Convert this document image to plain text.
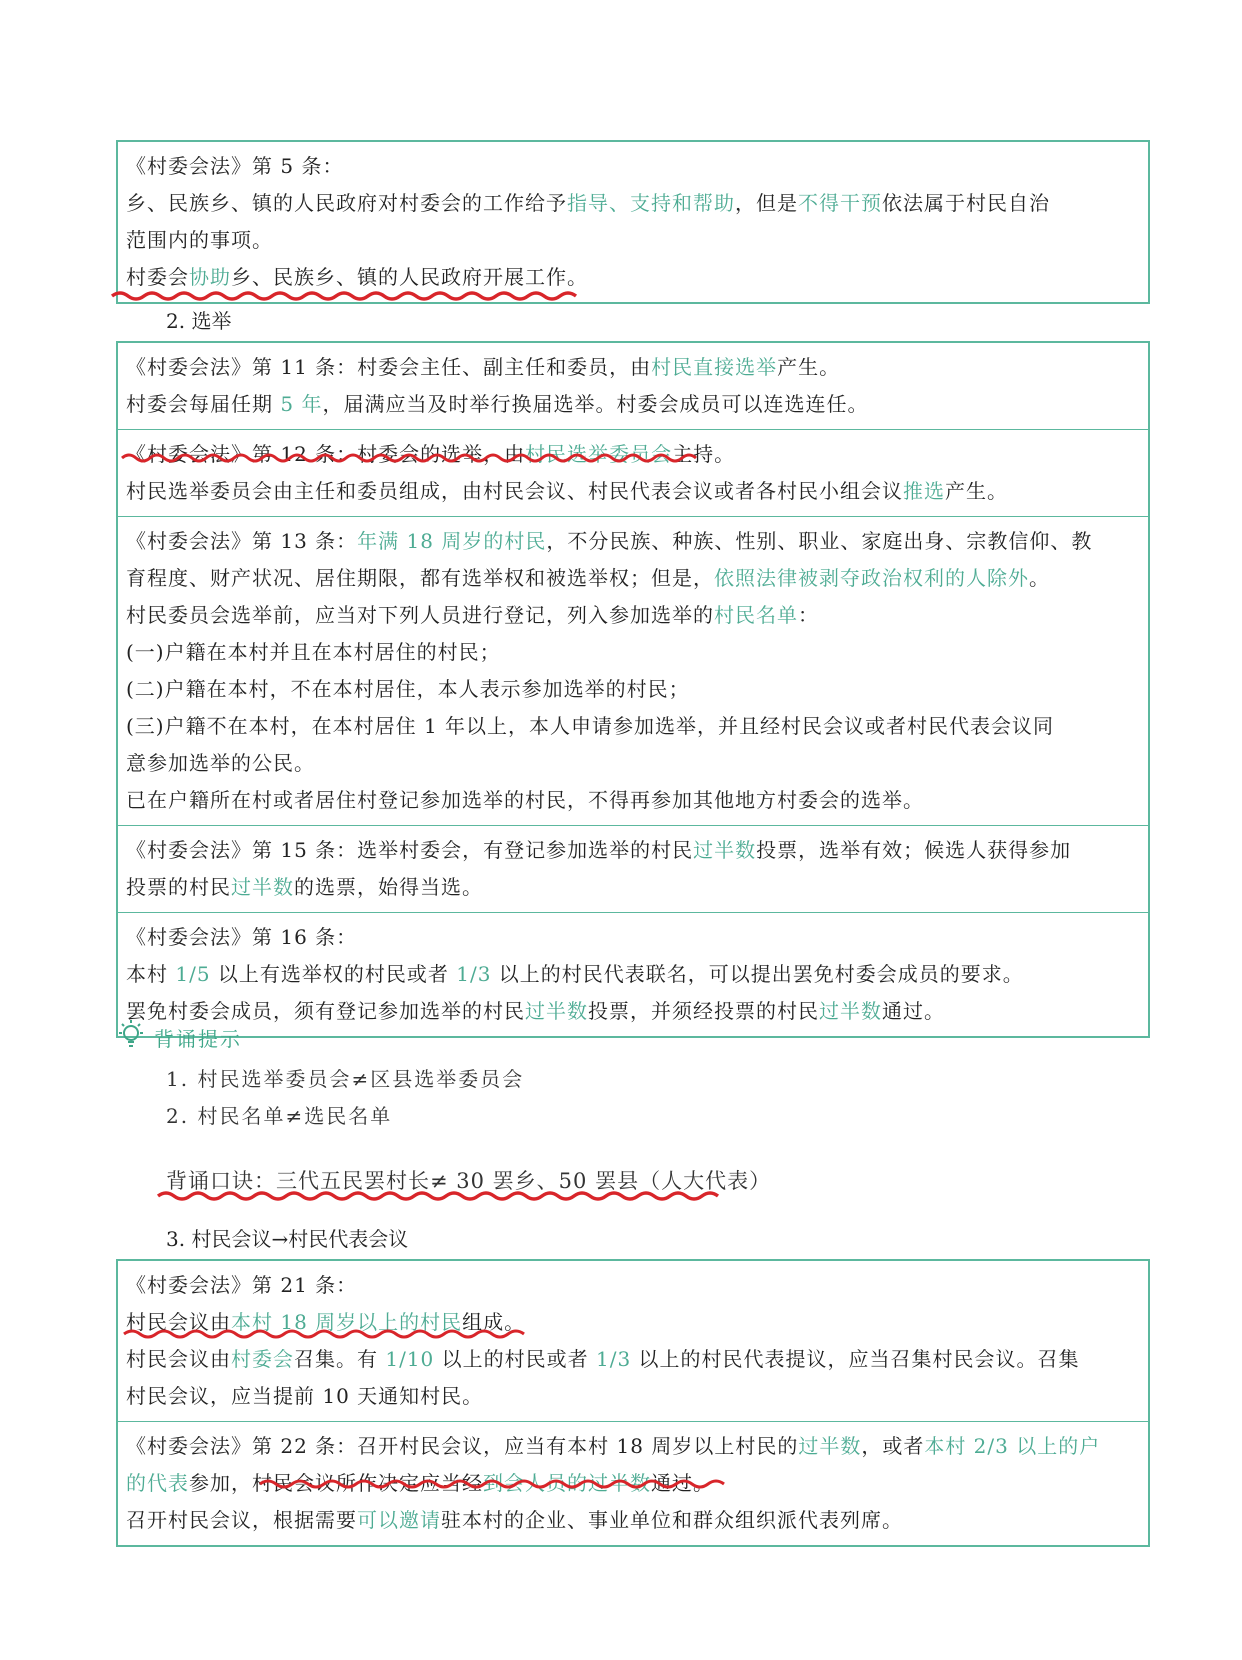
《村委会法》第 5 条：
乡、民族乡、镇的人民政府对村委会的工作给予指导、支持和帮助，但是不得干预依法属于村民自治
范围内的事项。
村委会协助乡、民族乡、镇的人民政府开展工作。
2. 选举
《村委会法》第 11 条：村委会主任、副主任和委员，由村民直接选举产生。
村委会每届任期 5 年，届满应当及时举行换届选举。村委会成员可以连选连任。
《村委会法》第 12 条：村委会的选举，由村民选举委员会主持。
村民选举委员会由主任和委员组成，由村民会议、村民代表会议或者各村民小组会议推选产生。
《村委会法》第 13 条：年满 18 周岁的村民，不分民族、种族、性别、职业、家庭出身、宗教信仰、教
育程度、财产状况、居住期限，都有选举权和被选举权；但是，依照法律被剥夺政治权利的人除外。
村民委员会选举前，应当对下列人员进行登记，列入参加选举的村民名单：
(一)户籍在本村并且在本村居住的村民；
(二)户籍在本村，不在本村居住，本人表示参加选举的村民；
(三)户籍不在本村，在本村居住 1 年以上，本人申请参加选举，并且经村民会议或者村民代表会议同
意参加选举的公民。
已在户籍所在村或者居住村登记参加选举的村民，不得再参加其他地方村委会的选举。
《村委会法》第 15 条：选举村委会，有登记参加选举的村民过半数投票，选举有效；候选人获得参加
投票的村民过半数的选票，始得当选。
《村委会法》第 16 条：
本村 1/5 以上有选举权的村民或者 1/3 以上的村民代表联名，可以提出罢免村委会成员的要求。
罢免村委会成员，须有登记参加选举的村民过半数投票，并须经投票的村民过半数通过。
背诵提示
1. 村民选举委员会≠区县选举委员会
2. 村民名单≠选民名单
背诵口诀：三代五民罢村长≠ 30 罢乡、50 罢县（人大代表）
3. 村民会议→村民代表会议
《村委会法》第 21 条：
村民会议由本村 18 周岁以上的村民组成。
村民会议由村委会召集。有 1/10 以上的村民或者 1/3 以上的村民代表提议，应当召集村民会议。召集
村民会议，应当提前 10 天通知村民。
《村委会法》第 22 条：召开村民会议，应当有本村 18 周岁以上村民的过半数，或者本村 2/3 以上的户
的代表参加，村民会议所作决定应当经到会人员的过半数通过。
召开村民会议，根据需要可以邀请驻本村的企业、事业单位和群众组织派代表列席。
